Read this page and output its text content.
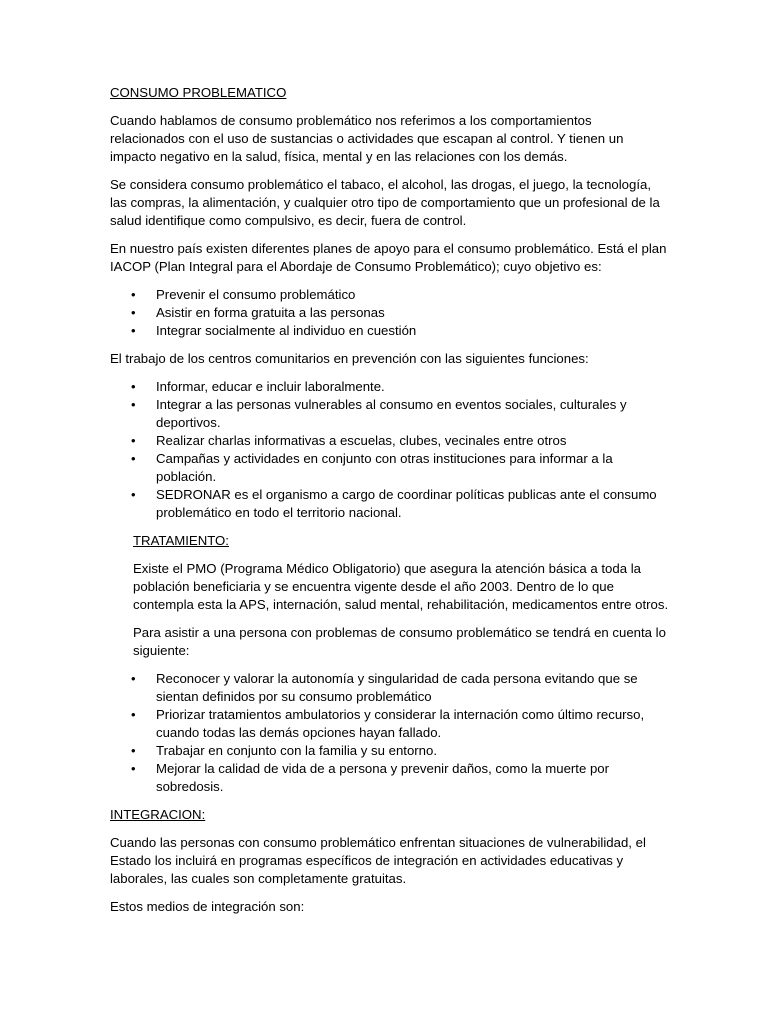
CONSUMO PROBLEMATICO

Cuando hablamos de consumo problemático nos referimos a los comportamientos relacionados con el uso de sustancias o actividades que escapan al control. Y tienen un impacto negativo en la salud, física, mental y en las relaciones con los demás.

Se considera consumo problemático el tabaco, el alcohol, las drogas, el juego, la tecnología, las compras, la alimentación, y cualquier otro tipo de comportamiento que un profesional de la salud identifique como compulsivo, es decir, fuera de control.

En nuestro país existen diferentes planes de apoyo para el consumo problemático. Está el plan IACOP (Plan Integral para el Abordaje de Consumo Problemático); cuyo objetivo es:

• Prevenir el consumo problemático
• Asistir en forma gratuita a las personas
• Integrar socialmente al individuo en cuestión

El trabajo de los centros comunitarios en prevención con las siguientes funciones:

• Informar, educar e incluir laboralmente.
• Integrar a las personas vulnerables al consumo en eventos sociales, culturales y deportivos.
• Realizar charlas informativas a escuelas, clubes, vecinales entre otros
• Campañas y actividades en conjunto con otras instituciones para informar a la población.
• SEDRONAR es el organismo a cargo de coordinar políticas publicas ante el consumo problemático en todo el territorio nacional.
TRATAMIENTO:

Existe el PMO (Programa Médico Obligatorio) que asegura la atención básica a toda la población beneficiaria y se encuentra vigente desde el año 2003. Dentro de lo que contempla esta la APS, internación, salud mental, rehabilitación, medicamentos entre otros.

Para asistir a una persona con problemas de consumo problemático se tendrá en cuenta lo siguiente:

• Reconocer y valorar la autonomía y singularidad de cada persona evitando que se sientan definidos por su consumo problemático
• Priorizar tratamientos ambulatorios y considerar la internación como último recurso, cuando todas las demás opciones hayan fallado.
• Trabajar en conjunto con la familia y su entorno.
• Mejorar la calidad de vida de a persona y prevenir daños, como la muerte por sobredosis.
INTEGRACION:

Cuando las personas con consumo problemático enfrentan situaciones de vulnerabilidad, el Estado los incluirá en programas específicos de integración en actividades educativas y laborales, las cuales son completamente gratuitas.

Estos medios de integración son:
